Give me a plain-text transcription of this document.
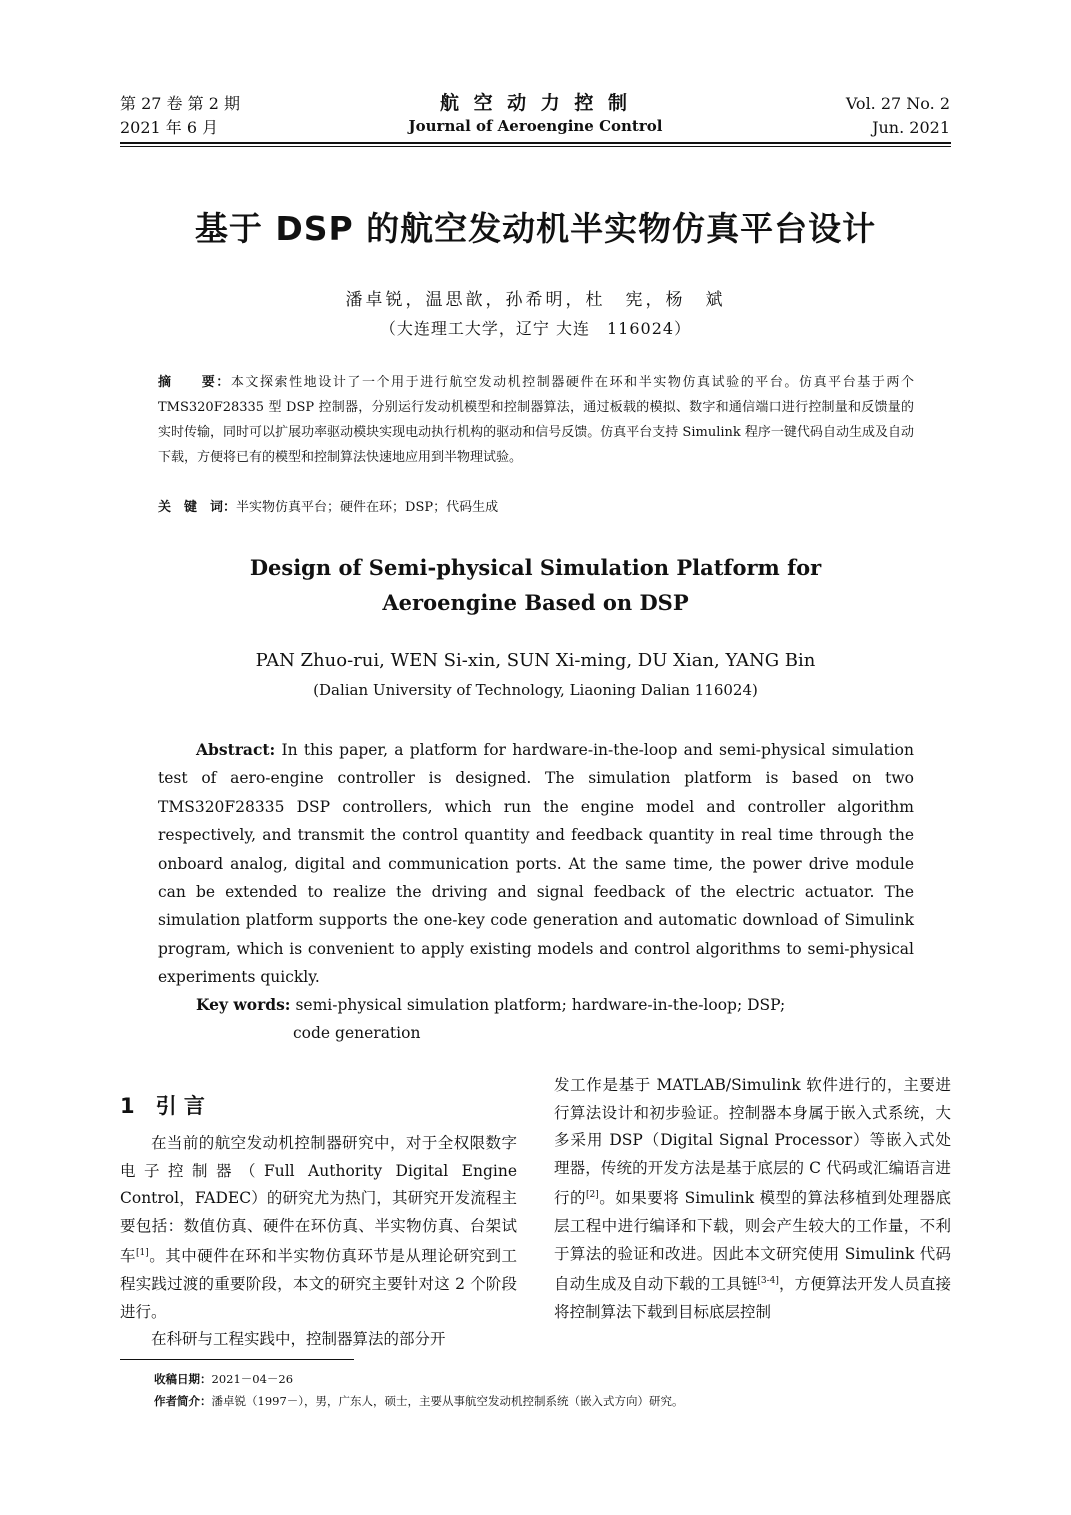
第 27 卷 第 2 期
2021 年 6 月
航 空 动 力 控 制
Journal of Aeroengine Control
Vol. 27 No. 2
Jun. 2021
基于 DSP 的航空发动机半实物仿真平台设计
潘卓锐，温思歆，孙希明，杜　宪，杨　斌
（大连理工大学，辽宁 大连　116024）
摘　　要：本文探索性地设计了一个用于进行航空发动机控制器硬件在环和半实物仿真试验的平台。仿真平台基于两个 TMS320F28335 型 DSP 控制器，分别运行发动机模型和控制器算法，通过板载的模拟、数字和通信端口进行控制量和反馈量的实时传输，同时可以扩展功率驱动模块实现电动执行机构的驱动和信号反馈。仿真平台支持 Simulink 程序一键代码自动生成及自动下载，方便将已有的模型和控制算法快速地应用到半物理试验。
关　键　词：半实物仿真平台；硬件在环；DSP；代码生成
Design of Semi-physical Simulation Platform for
Aeroengine Based on DSP
PAN Zhuo-rui, WEN Si-xin, SUN Xi-ming, DU Xian, YANG Bin
(Dalian University of Technology, Liaoning Dalian 116024)
Abstract: In this paper, a platform for hardware-in-the-loop and semi-physical simulation test of aero-engine controller is designed. The simulation platform is based on two TMS320F28335 DSP controllers, which run the engine model and controller algorithm respectively, and transmit the control quantity and feedback quantity in real time through the onboard analog, digital and communication ports. At the same time, the power drive module can be extended to realize the driving and signal feedback of the electric actuator. The simulation platform supports the one-key code generation and automatic download of Simulink program, which is convenient to apply existing models and control algorithms to semi-physical experiments quickly.
Key words: semi-physical simulation platform; hardware-in-the-loop; DSP;
code generation
1　引 言

在当前的航空发动机控制器研究中，对于全权限数字电子控制器（Full Authority Digital Engine Control，FADEC）的研究尤为热门，其研究开发流程主要包括：数值仿真、硬件在环仿真、半实物仿真、台架试车[1]。其中硬件在环和半实物仿真环节是从理论研究到工程实践过渡的重要阶段，本文的研究主要针对这 2 个阶段进行。

在科研与工程实践中，控制器算法的部分开

发工作是基于 MATLAB/Simulink 软件进行的，主要进行算法设计和初步验证。控制器本身属于嵌入式系统，大多采用 DSP（Digital Signal Processor）等嵌入式处理器，传统的开发方法是基于底层的 C 代码或汇编语言进行的[2]。如果要将 Simulink 模型的算法移植到处理器底层工程中进行编译和下载，则会产生较大的工作量，不利于算法的验证和改进。因此本文研究使用 Simulink 代码自动生成及自动下载的工具链[3-4]，方便算法开发人员直接将控制算法下载到目标底层控制

收稿日期：2021－04－26
作者简介：潘卓锐（1997－），男，广东人，硕士，主要从事航空发动机控制系统（嵌入式方向）研究。
